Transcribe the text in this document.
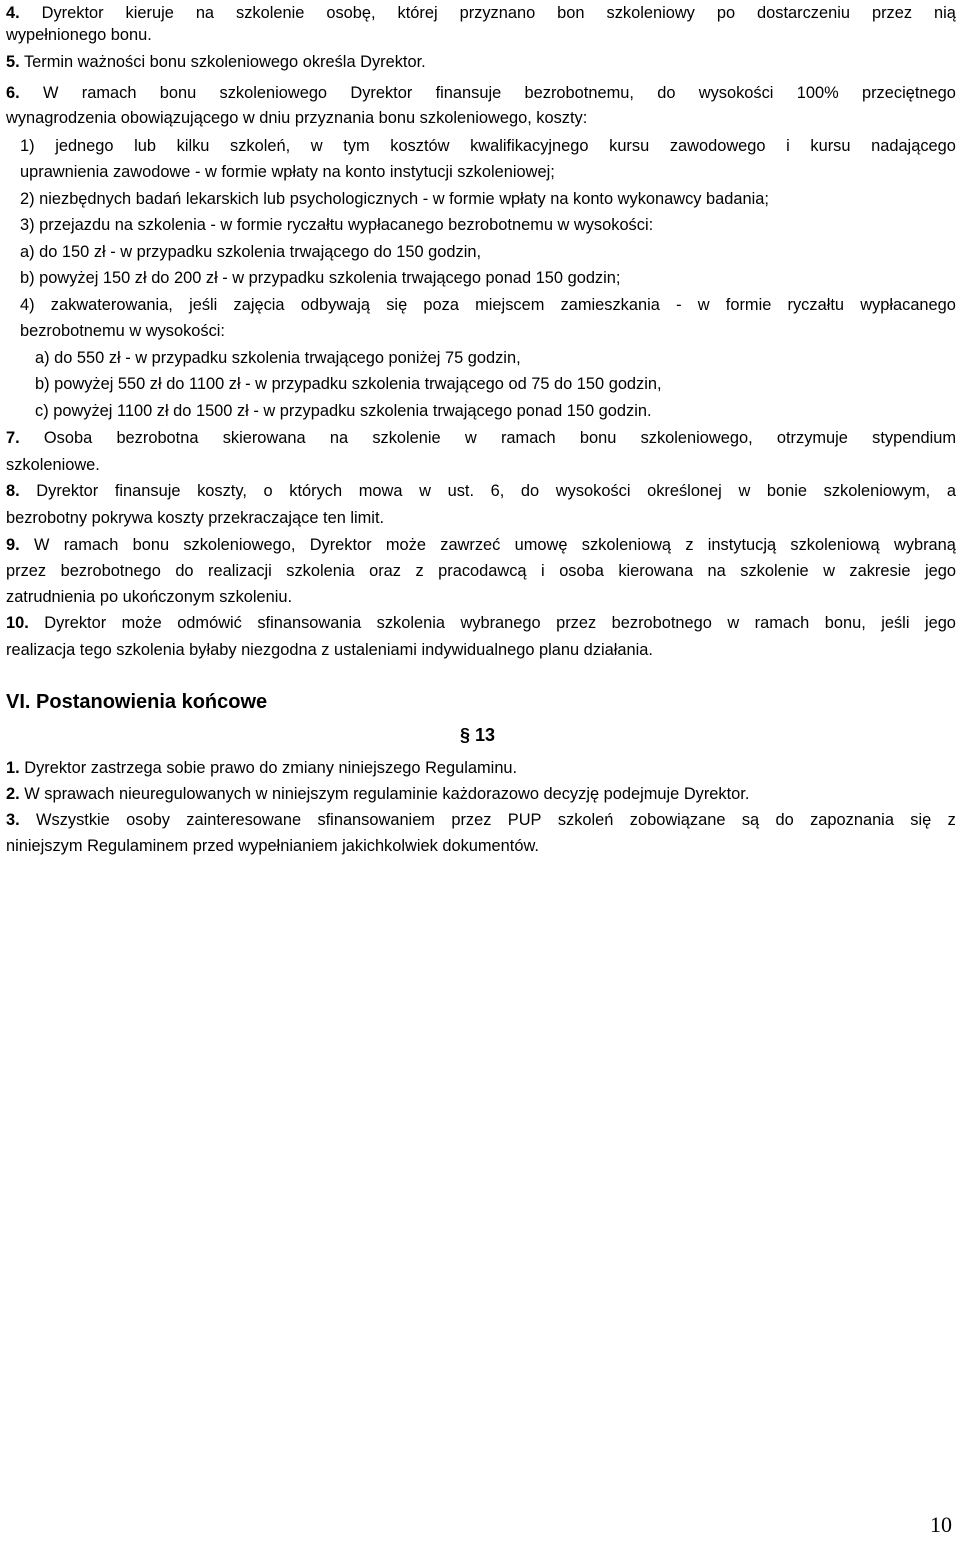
4. Dyrektor kieruje na szkolenie osobę, której przyznano bon szkoleniowy po dostarczeniu przez nią
wypełnionego bonu.
5. Termin ważności bonu szkoleniowego określa Dyrektor.
6. W ramach bonu szkoleniowego Dyrektor finansuje bezrobotnemu, do wysokości 100% przeciętnego
wynagrodzenia obowiązującego w dniu przyznania bonu szkoleniowego, koszty:
1) jednego lub kilku szkoleń, w tym kosztów kwalifikacyjnego kursu zawodowego i kursu nadającego
uprawnienia zawodowe - w formie wpłaty na konto instytucji szkoleniowej;
2) niezbędnych badań lekarskich lub psychologicznych - w formie wpłaty na konto wykonawcy badania;
3) przejazdu na szkolenia - w formie ryczałtu wypłacanego bezrobotnemu w wysokości:
a) do 150 zł - w przypadku szkolenia trwającego do 150 godzin,
b) powyżej 150 zł do 200 zł - w przypadku szkolenia trwającego ponad 150 godzin;
4) zakwaterowania, jeśli zajęcia odbywają się poza miejscem zamieszkania - w formie ryczałtu wypłacanego
bezrobotnemu w wysokości:
a) do 550 zł - w przypadku szkolenia trwającego poniżej 75 godzin,
b) powyżej 550 zł do 1100 zł - w przypadku szkolenia trwającego od 75 do 150 godzin,
c) powyżej 1100 zł do 1500 zł - w przypadku szkolenia trwającego ponad 150 godzin.
7. Osoba bezrobotna skierowana na szkolenie w ramach bonu szkoleniowego, otrzymuje stypendium
szkoleniowe.
8. Dyrektor finansuje koszty, o których mowa w ust. 6, do wysokości określonej w bonie szkoleniowym, a
bezrobotny pokrywa koszty przekraczające ten limit.
9. W ramach bonu szkoleniowego, Dyrektor może zawrzeć umowę szkoleniową z instytucją szkoleniową wybraną
przez bezrobotnego do realizacji szkolenia oraz z pracodawcą i osoba kierowana na szkolenie w zakresie jego
zatrudnienia po ukończonym szkoleniu.
10. Dyrektor może odmówić sfinansowania szkolenia wybranego przez bezrobotnego w ramach bonu, jeśli jego
realizacja tego szkolenia byłaby niezgodna z ustaleniami indywidualnego planu działania.
VI. Postanowienia końcowe
§ 13
1. Dyrektor zastrzega sobie prawo do zmiany niniejszego Regulaminu.
2. W sprawach nieuregulowanych w niniejszym regulaminie każdorazowo decyzję podejmuje Dyrektor.
3. Wszystkie osoby zainteresowane sfinansowaniem przez PUP szkoleń zobowiązane są do zapoznania się z
niniejszym Regulaminem przed wypełnianiem jakichkolwiek dokumentów.
10
